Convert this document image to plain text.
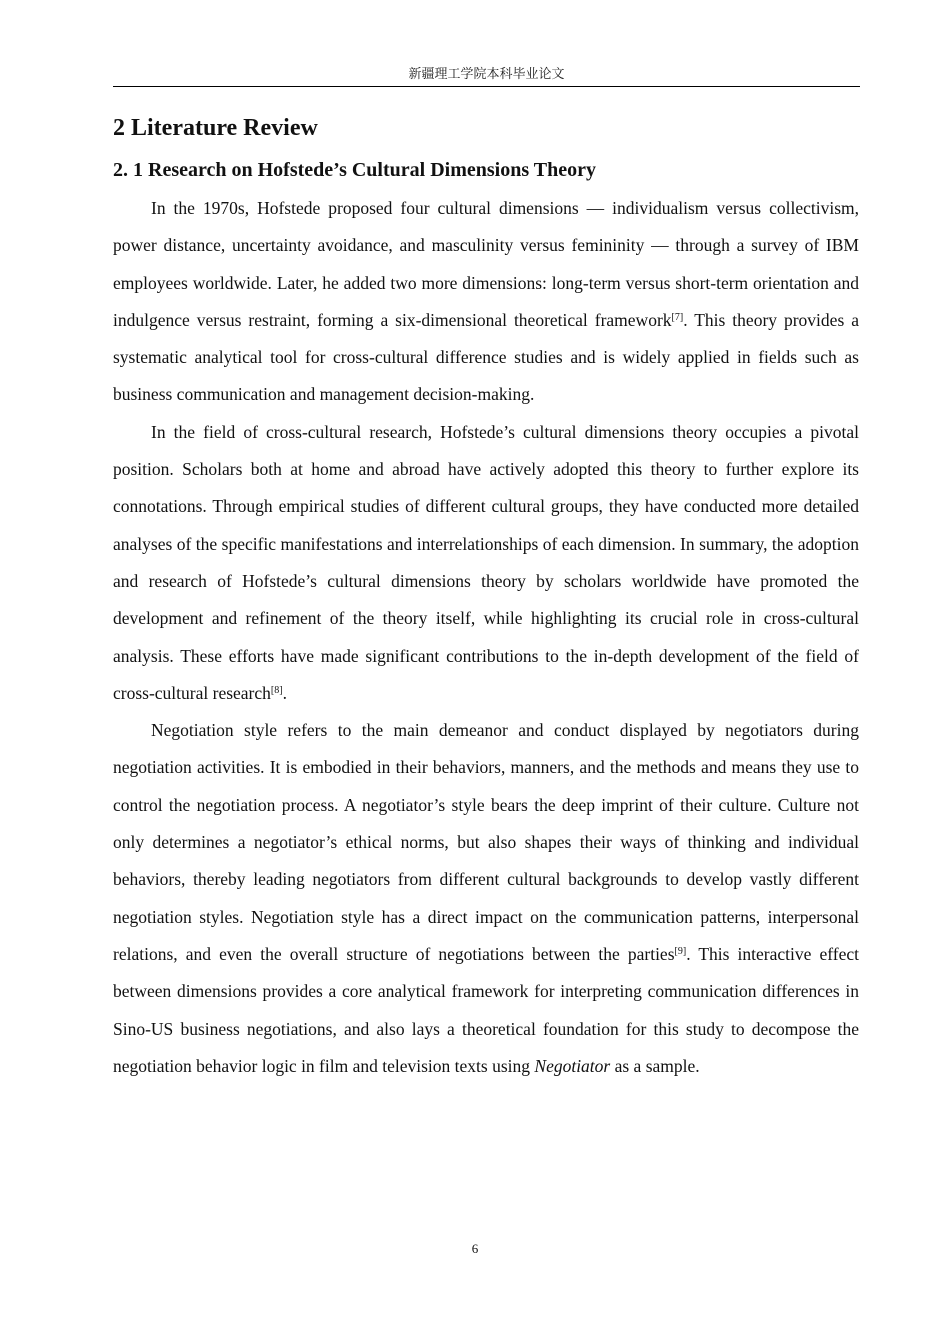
新疆理工学院本科毕业论文
2 Literature Review
2. 1 Research on Hofstede’s Cultural Dimensions Theory

In the 1970s, Hofstede proposed four cultural dimensions — individualism versus collectivism, power distance, uncertainty avoidance, and masculinity versus femininity — through a survey of IBM employees worldwide. Later, he added two more dimensions: long-term versus short-term orientation and indulgence versus restraint, forming a six-dimensional theoretical framework[7]. This theory provides a systematic analytical tool for cross-cultural difference studies and is widely applied in fields such as business communication and management decision-making.

In the field of cross-cultural research, Hofstede’s cultural dimensions theory occupies a pivotal position. Scholars both at home and abroad have actively adopted this theory to further explore its connotations. Through empirical studies of different cultural groups, they have conducted more detailed analyses of the specific manifestations and interrelationships of each dimension. In summary, the adoption and research of Hofstede’s cultural dimensions theory by scholars worldwide have promoted the development and refinement of the theory itself, while highlighting its crucial role in cross-cultural analysis. These efforts have made significant contributions to the in-depth development of the field of cross-cultural research[8].

Negotiation style refers to the main demeanor and conduct displayed by negotiators during negotiation activities. It is embodied in their behaviors, manners, and the methods and means they use to control the negotiation process. A negotiator’s style bears the deep imprint of their culture. Culture not only determines a negotiator’s ethical norms, but also shapes their ways of thinking and individual behaviors, thereby leading negotiators from different cultural backgrounds to develop vastly different negotiation styles. Negotiation style has a direct impact on the communication patterns, interpersonal relations, and even the overall structure of negotiations between the parties[9]. This interactive effect between dimensions provides a core analytical framework for interpreting communication differences in Sino-US business negotiations, and also lays a theoretical foundation for this study to decompose the negotiation behavior logic in film and television texts using Negotiator as a sample.

6
